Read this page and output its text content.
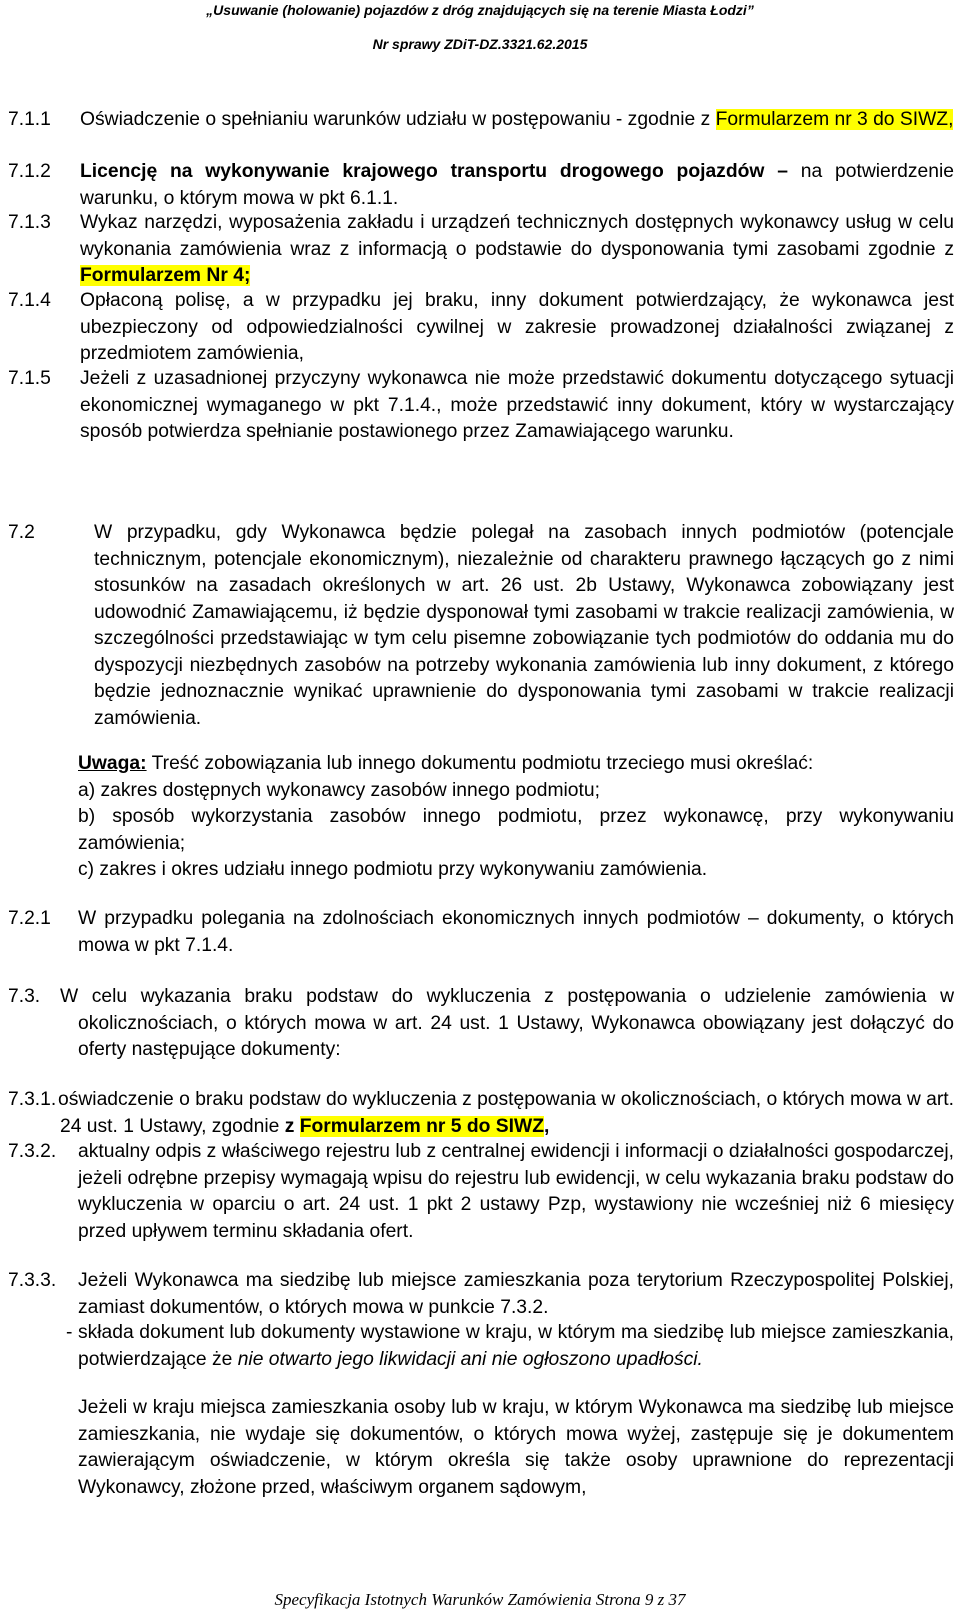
„Usuwanie (holowanie) pojazdów z dróg znajdujących się na terenie Miasta Łodzi”
Nr sprawy ZDiT-DZ.3321.62.2015
7.1.1	Oświadczenie o spełnianiu warunków udziału w postępowaniu - zgodnie z Formularzem nr 3 do SIWZ,
7.1.2	Licencję na wykonywanie krajowego transportu drogowego pojazdów – na potwierdzenie warunku, o którym mowa w pkt 6.1.1.
7.1.3	Wykaz narzędzi, wyposażenia zakładu i urządzeń technicznych dostępnych wykonawcy usług w celu wykonania zamówienia wraz z informacją o podstawie do dysponowania tymi zasobami zgodnie z Formularzem Nr 4;
7.1.4	Opłaconą polisę, a w przypadku jej braku, inny dokument potwierdzający, że wykonawca jest ubezpieczony od odpowiedzialności cywilnej w zakresie prowadzonej działalności związanej z przedmiotem zamówienia,
7.1.5	Jeżeli z uzasadnionej przyczyny wykonawca nie może przedstawić dokumentu dotyczącego sytuacji ekonomicznej wymaganego w pkt 7.1.4., może przedstawić inny dokument, który w wystarczający sposób potwierdza spełnianie postawionego przez Zamawiającego warunku.
7.2	W przypadku, gdy Wykonawca będzie polegał na zasobach innych podmiotów (potencjale technicznym, potencjale ekonomicznym), niezależnie od charakteru prawnego łączących go z nimi stosunków na zasadach określonych w art. 26 ust. 2b Ustawy, Wykonawca zobowiązany jest udowodnić Zamawiającemu, iż będzie dysponował tymi zasobami w trakcie realizacji zamówienia, w szczególności przedstawiając w tym celu pisemne zobowiązanie tych podmiotów do oddania mu do dyspozycji niezbędnych zasobów na potrzeby wykonania zamówienia lub inny dokument, z którego będzie jednoznacznie wynikać uprawnienie do dysponowania tymi zasobami w trakcie realizacji zamówienia.
Uwaga: Treść zobowiązania lub innego dokumentu podmiotu trzeciego musi określać:
a) zakres dostępnych wykonawcy zasobów innego podmiotu;
b) sposób wykorzystania zasobów innego podmiotu, przez wykonawcę, przy wykonywaniu zamówienia;
c) zakres i okres udziału innego podmiotu przy wykonywaniu zamówienia.
7.2.1	W przypadku polegania na zdolnościach ekonomicznych innych podmiotów – dokumenty, o których mowa w pkt 7.1.4.
7.3.	W celu wykazania braku podstaw do wykluczenia z postępowania o udzielenie zamówienia w okolicznościach, o których mowa w art. 24 ust. 1 Ustawy, Wykonawca obowiązany jest dołączyć do oferty następujące dokumenty:
7.3.1. oświadczenie o braku podstaw do wykluczenia z postępowania w okolicznościach, o których mowa w art. 24 ust. 1 Ustawy, zgodnie z Formularzem nr 5 do SIWZ,
7.3.2.	aktualny odpis z właściwego rejestru lub z centralnej ewidencji i informacji o działalności gospodarczej, jeżeli odrębne przepisy wymagają wpisu do rejestru lub ewidencji, w celu wykazania braku podstaw do wykluczenia w oparciu o art. 24 ust. 1 pkt 2 ustawy Pzp, wystawiony nie wcześniej niż 6 miesięcy przed upływem terminu składania ofert.
7.3.3.	Jeżeli Wykonawca ma siedzibę lub miejsce zamieszkania poza terytorium Rzeczypospolitej Polskiej, zamiast dokumentów, o których mowa w punkcie 7.3.2.
- składa dokument lub dokumenty wystawione w kraju, w którym ma siedzibę lub miejsce zamieszkania, potwierdzające że nie otwarto jego likwidacji ani nie ogłoszono upadłości.
Jeżeli w kraju miejsca zamieszkania osoby lub w kraju, w którym Wykonawca ma siedzibę lub miejsce zamieszkania, nie wydaje się dokumentów, o których mowa wyżej, zastępuje się je dokumentem zawierającym oświadczenie, w którym określa się także osoby uprawnione do reprezentacji Wykonawcy, złożone przed, właściwym organem sądowym,
Specyfikacja Istotnych Warunków Zamówienia Strona 9 z 37
